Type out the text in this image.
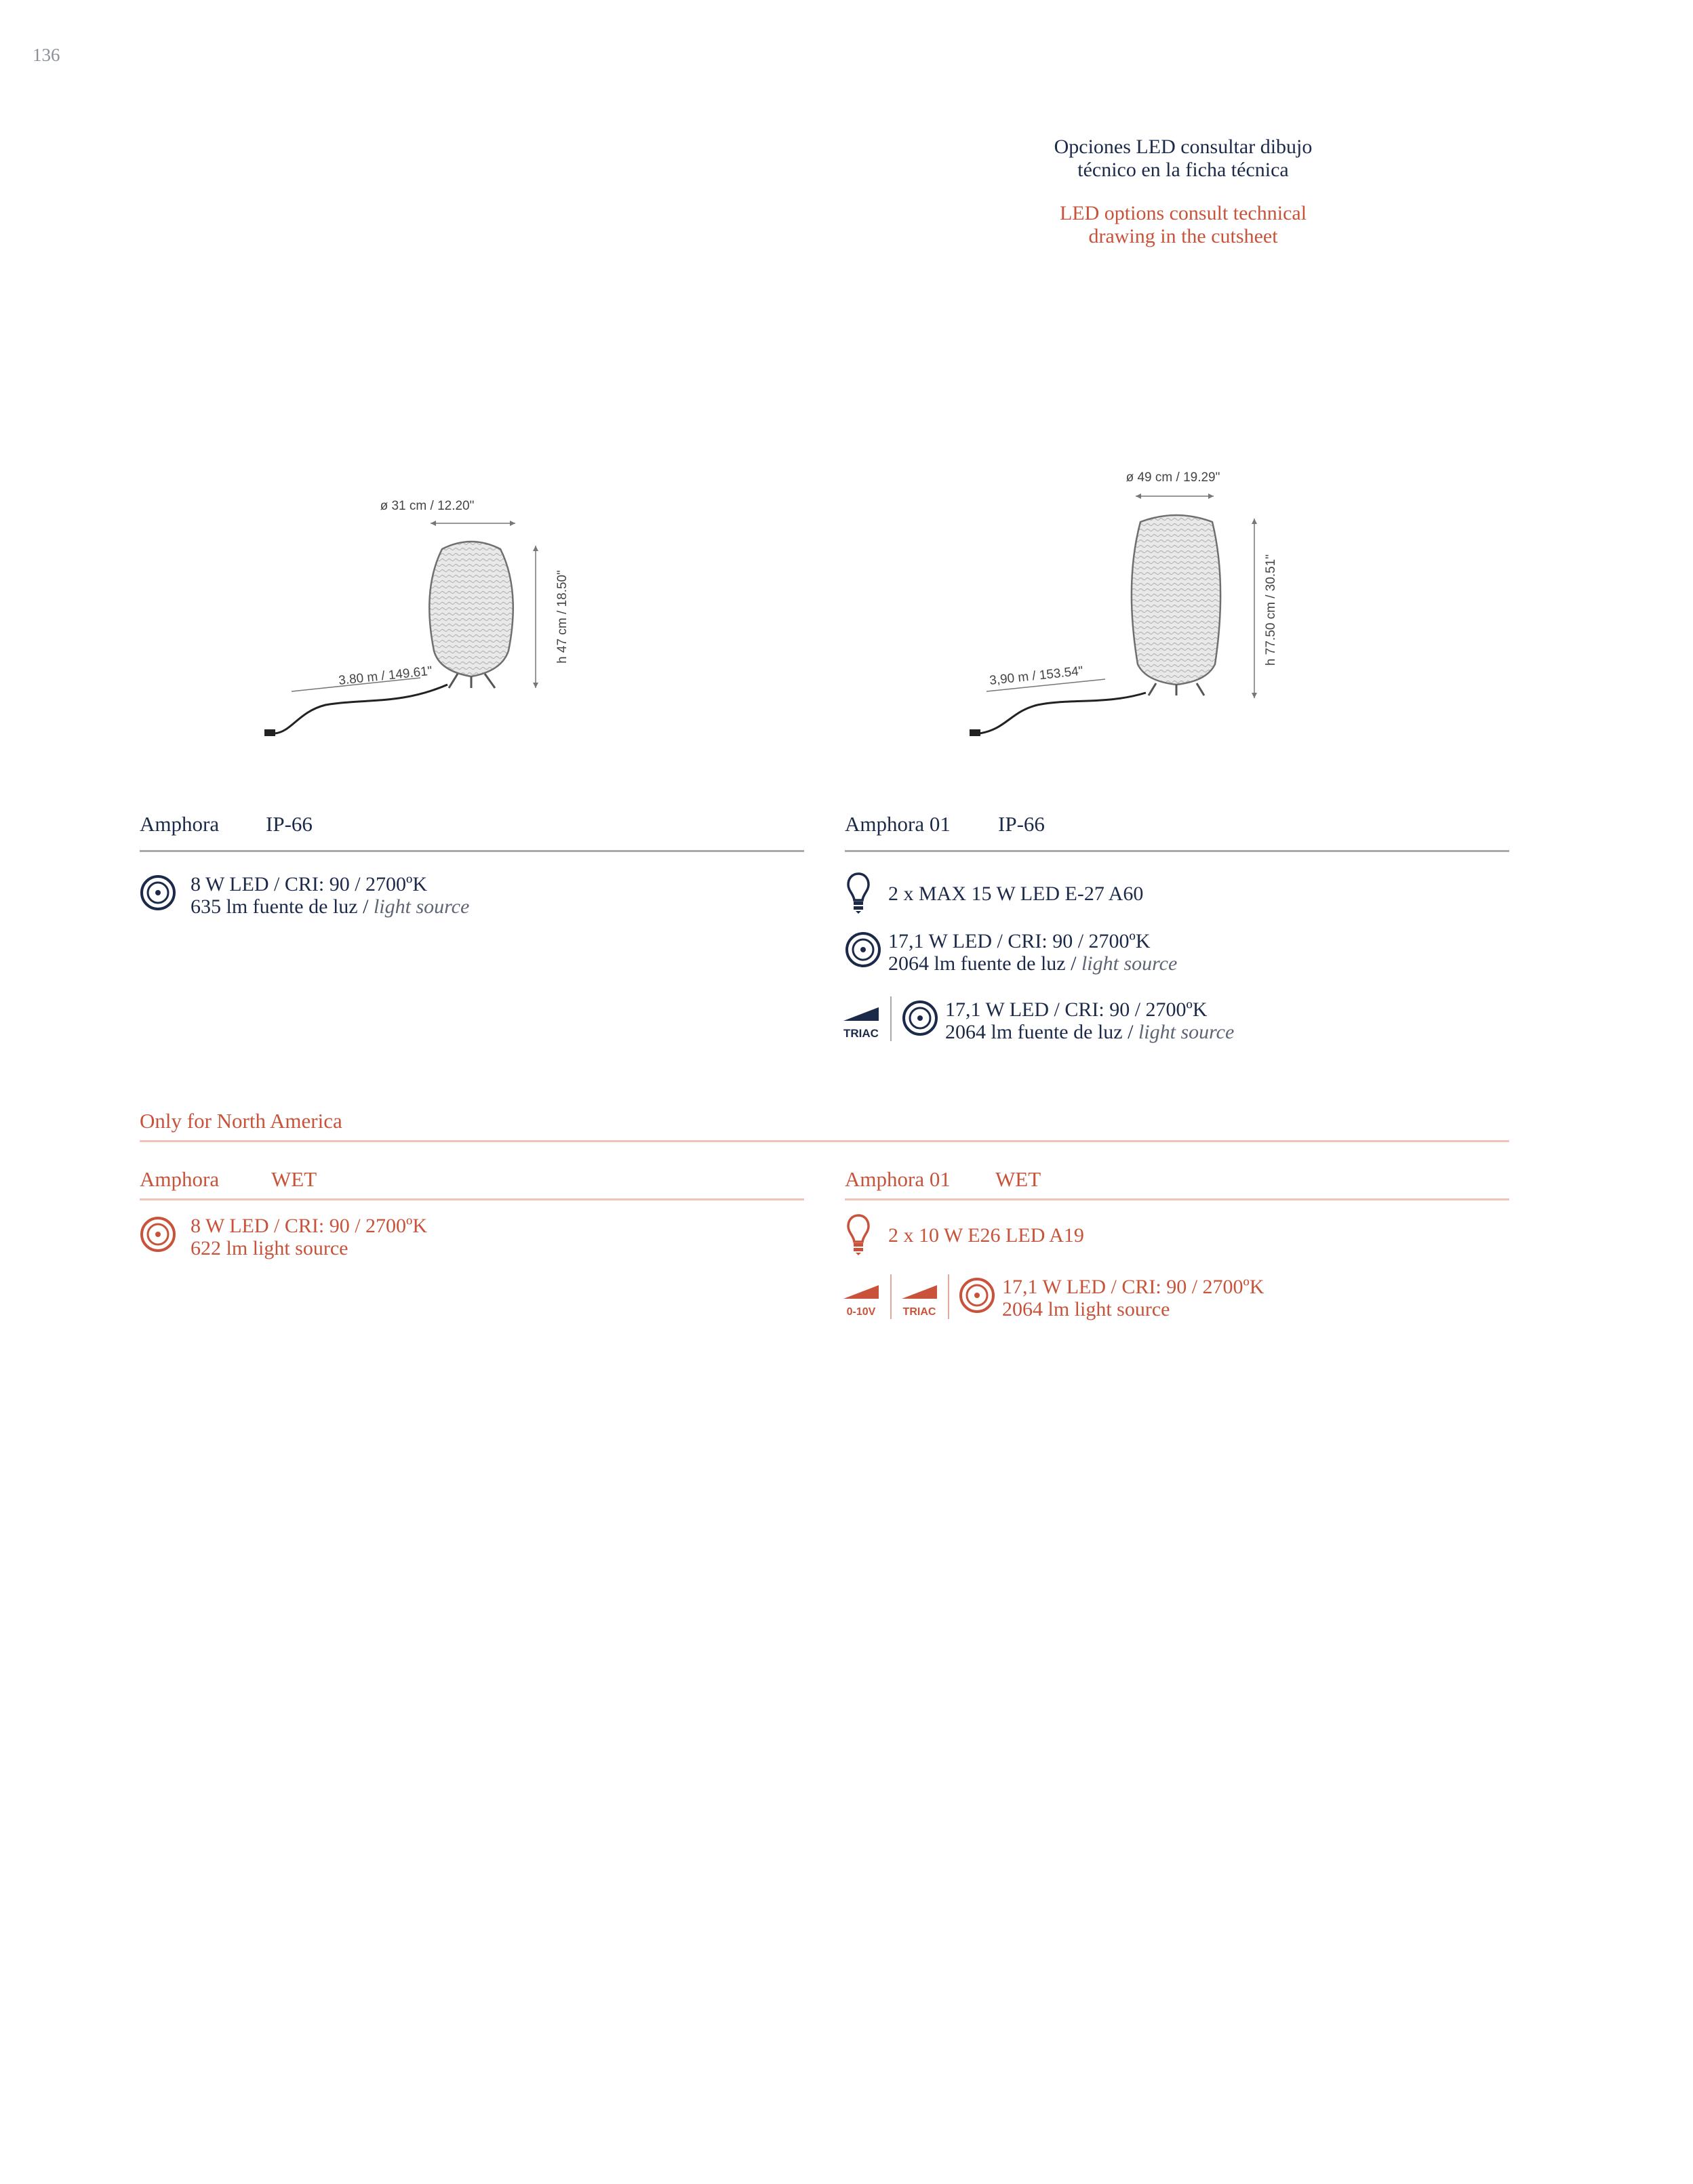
136
Opciones LED consultar dibujo
técnico en la ficha técnica
LED options consult technical
drawing in the cutsheet
ø 31 cm / 12.20"
h 47 cm / 18.50"
3.80 m / 149.61"
ø 49 cm / 19.29"
h 77.50 cm / 30.51"
3,90 m / 153.54"
Amphora IP-66
8 W LED / CRI: 90 / 2700ºK
635 lm fuente de luz / light source
Amphora 01 IP-66
2 x MAX 15 W LED E-27 A60
17,1 W LED / CRI: 90 / 2700ºK
2064 lm fuente de luz / light source
TRIAC
17,1 W LED / CRI: 90 / 2700ºK
2064 lm fuente de luz / light source
Only for North America
Amphora WET
8 W LED / CRI: 90 / 2700ºK
622 lm light source
Amphora 01 WET
2 x 10 W E26 LED A19
0-10V	TRIAC
17,1 W LED / CRI: 90 / 2700ºK
2064 lm light source
